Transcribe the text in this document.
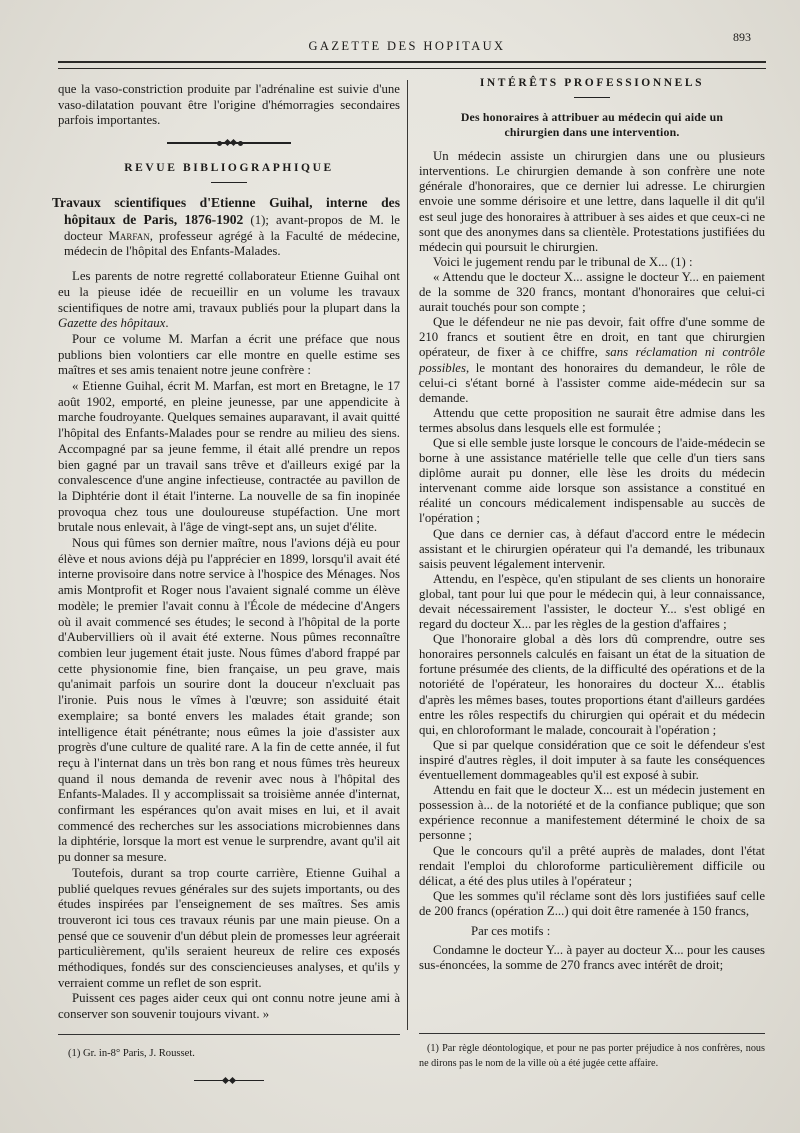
GAZETTE DES HOPITAUX
893

que la vaso-constriction produite par l'adrénaline est suivie d'une vaso-dilatation pouvant être l'origine d'hémorragies secondaires parfois importantes.

REVUE BIBLIOGRAPHIQUE

Travaux scientifiques d'Etienne Guihal, interne des hôpitaux de Paris, 1876-1902 (1); avant-propos de M. le docteur Marfan, professeur agrégé à la Faculté de médecine, médecin de l'hôpital des Enfants-Malades.

Les parents de notre regretté collaborateur Etienne Guihal ont eu la pieuse idée de recueillir en un volume les travaux scientifiques de notre ami, travaux publiés pour la plupart dans la Gazette des hôpitaux.

Pour ce volume M. Marfan a écrit une préface que nous publions bien volontiers car elle montre en quelle estime ses maîtres et ses amis tenaient notre jeune confrère :

« Etienne Guihal, écrit M. Marfan, est mort en Bretagne, le 17 août 1902, emporté, en pleine jeunesse, par une appendicite à marche foudroyante. Quelques semaines auparavant, il avait quitté l'hôpital des Enfants-Malades pour se rendre au milieu des siens. Accompagné par sa jeune femme, il était allé prendre un repos bien gagné par un travail sans trêve et d'ailleurs exigé par la convalescence d'une angine infectieuse, contractée au pavillon de la Diphtérie dont il était l'interne. La nouvelle de sa fin inopinée provoqua chez tous une douloureuse stupéfaction. Une mort brutale nous enlevait, à l'âge de vingt-sept ans, un sujet d'élite.

Nous qui fûmes son dernier maître, nous l'avions déjà eu pour élève et nous avions déjà pu l'apprécier en 1899, lorsqu'il avait été interne provisoire dans notre service à l'hospice des Ménages. Nos amis Montprofit et Roger nous l'avaient signalé comme un élève modèle; le premier l'avait connu à l'École de médecine d'Angers où il avait commencé ses études; le second à l'hôpital de la porte d'Aubervilliers où il avait été externe. Nous pûmes reconnaître combien leur jugement était juste. Nous fûmes d'abord frappé par cette physionomie fine, bien française, un peu grave, mais qu'animait parfois un sourire dont la douceur n'excluait pas l'ironie. Puis nous le vîmes à l'œuvre; son assiduité était exemplaire; sa bonté envers les malades était grande; son intelligence était pénétrante; nous eûmes la joie d'assister aux progrès d'une culture de qualité rare. A la fin de cette année, il fut reçu à l'internat dans un très bon rang et nous fûmes très heureux quand il nous demanda de revenir avec nous à l'hôpital des Enfants-Malades. Il y accomplissait sa troisième année d'internat, confirmant les espérances qu'on avait mises en lui, et il avait commencé des recherches sur les associations microbiennes dans la diphtérie, lorsque la mort est venue le surprendre, avant qu'il ait pu donner sa mesure.

Toutefois, durant sa trop courte carrière, Etienne Guihal a publié quelques revues générales sur des sujets importants, ou des études inspirées par l'enseignement de ses maîtres. Ses amis trouveront ici tous ces travaux réunis par une main pieuse. On a pensé que ce souvenir d'un début plein de promesses leur agréerait particulièrement, qu'ils seraient heureux de relire ces exposés méthodiques, fondés sur des consciencieuses analyses, et qu'ils y verraient comme un reflet de son esprit.

Puissent ces pages aider ceux qui ont connu notre jeune ami à conserver son souvenir toujours vivant. »

(1) Gr. in-8° Paris, J. Rousset.
INTÉRÊTS PROFESSIONNELS
Des honoraires à attribuer au médecin qui aide un chirurgien dans une intervention.

Un médecin assiste un chirurgien dans une ou plusieurs interventions. Le chirurgien demande à son confrère une note générale d'honoraires, que ce dernier lui adresse. Le chirurgien envoie une somme dérisoire et une lettre, dans laquelle il dit qu'il est seul juge des honoraires à attribuer à ses aides et que ceux-ci ne sont que des anonymes dans sa clientèle. Protestations justifiées du médecin qui poursuit le chirurgien.

Voici le jugement rendu par le tribunal de X... (1) :

« Attendu que le docteur X... assigne le docteur Y... en paiement de la somme de 320 francs, montant d'honoraires que celui-ci aurait touchés pour son compte ;

Que le défendeur ne nie pas devoir, fait offre d'une somme de 210 francs et soutient être en droit, en tant que chirurgien opérateur, de fixer à ce chiffre, sans réclamation ni contrôle possibles, le montant des honoraires du demandeur, le rôle de celui-ci s'étant borné à l'assister comme aide-médecin sur sa demande.

Attendu que cette proposition ne saurait être admise dans les termes absolus dans lesquels elle est formulée ;

Que si elle semble juste lorsque le concours de l'aide-médecin se borne à une assistance matérielle telle que celle d'un tiers sans diplôme aurait pu donner, elle lèse les droits du médecin intervenant comme aide lorsque son assistance a constitué en réalité un concours médicalement indispensable au succès de l'opération ;

Que dans ce dernier cas, à défaut d'accord entre le médecin assistant et le chirurgien opérateur qui l'a demandé, les tribunaux saisis peuvent légalement intervenir.

Attendu, en l'espèce, qu'en stipulant de ses clients un honoraire global, tant pour lui que pour le médecin qui, à leur connaissance, devait nécessairement l'assister, le docteur Y... s'est obligé en regard du docteur X... par les règles de la gestion d'affaires ;

Que l'honoraire global a dès lors dû comprendre, outre ses honoraires personnels calculés en faisant un état de la situation de fortune présumée des clients, de la difficulté des opérations et de la notoriété de l'opérateur, les honoraires du docteur X... établis d'après les mêmes bases, toutes proportions étant d'ailleurs gardées entre les rôles respectifs du chirurgien qui opérait et du médecin qui, en chloroformant le malade, concourait à l'opération ;

Que si par quelque considération que ce soit le défendeur s'est inspiré d'autres règles, il doit imputer à sa faute les conséquences éventuellement dommageables qu'il est exposé à subir.

Attendu en fait que le docteur X... est un médecin justement en possession à... de la notoriété et de la confiance publique; que son expérience reconnue a manifestement déterminé le choix de sa personne ;

Que le concours qu'il a prêté auprès de malades, dont l'état rendait l'emploi du chloroforme particulièrement difficile ou délicat, a été des plus utiles à l'opérateur ;

Que les sommes qu'il réclame sont dès lors justifiées sauf celle de 200 francs (opération Z...) qui doit être ramenée à 150 francs,

Par ces motifs :

Condamne le docteur Y... à payer au docteur X... pour les causes sus-énoncées, la somme de 270 francs avec intérêt de droit;

(1) Par règle déontologique, et pour ne pas porter préjudice à nos confrères, nous ne dirons pas le nom de la ville où a été jugée cette affaire.
